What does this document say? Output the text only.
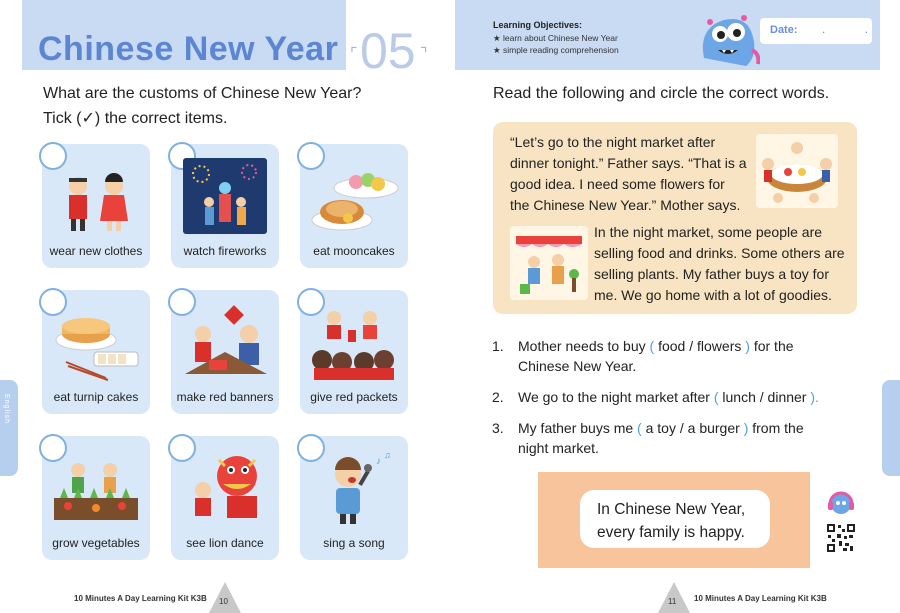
Chinese New Year ⌜	⌝
05
What are the customs of Chinese New Year?
Tick (✓) the correct items.
wear new clothes	watch fireworks	eat mooncakes
eat turnip cakes	make red banners	give red packets
grow vegetables	see lion dance
♪
♫
sing a song
English
10 Minutes A Day Learning Kit K3B 10
Learning Objectives:
★ learn about Chinese New Year
★ simple reading comprehension
Date: . .
Read the following and circle the correct words.
“Let’s go to the night market after
dinner tonight.” Father says. “That is a
good idea. I need some flowers for
the Chinese New Year.” Mother says.
In the night market, some people are
selling food and drinks. Some others are
selling plants. My father buys a toy for
me. We go home with a lot of goodies.
1. Mother needs to buy ( food / flowers ) for the
Chinese New Year.
2. We go to the night market after ( lunch / dinner ).
3. My father buys me ( a toy / a burger ) from the
night market.
In Chinese New Year,
every family is happy.
11 10 Minutes A Day Learning Kit K3B
